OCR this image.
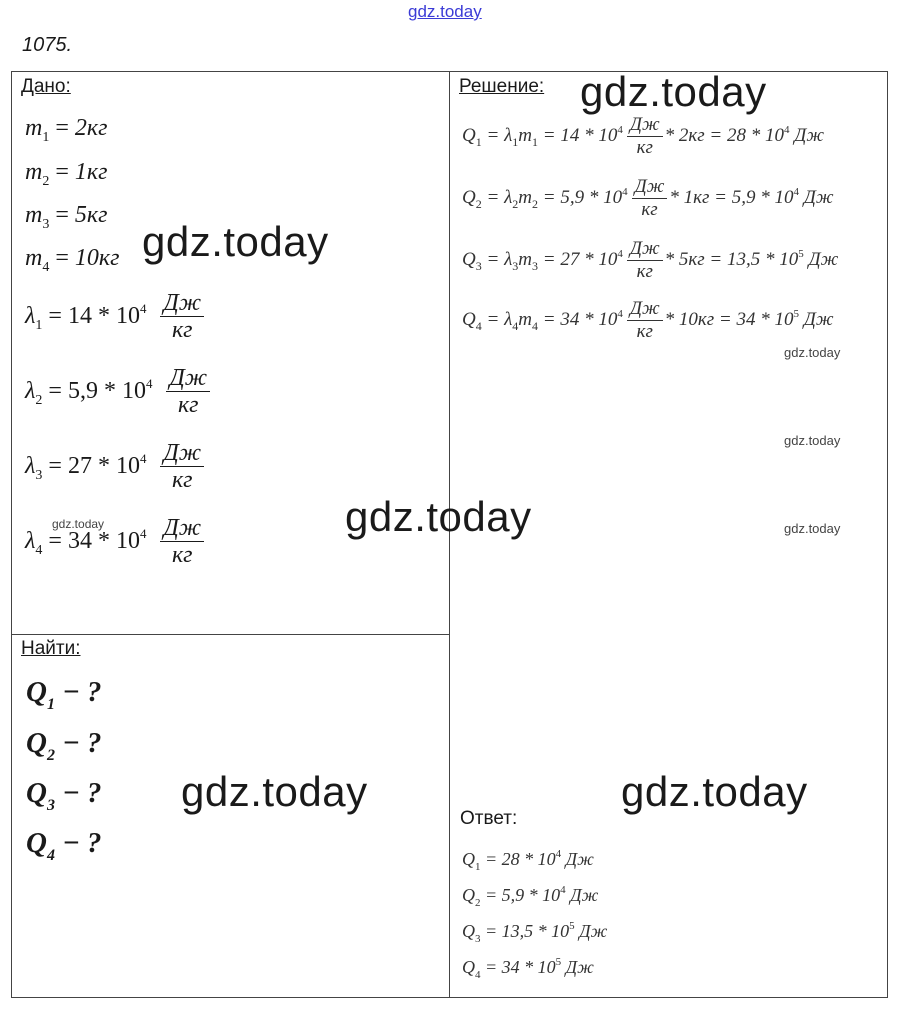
gdz.today
1075.
Дано:
$m_1 = 2кг$
$m_2 = 1кг$
$m_3 = 5кг$
$m_4 = 10кг$
$\lambda_1 = 14 * 10^4 \frac{Дж}{кг}$
$\lambda_2 = 5,9 * 10^4 \frac{Дж}{кг}$
$\lambda_3 = 27 * 10^4 \frac{Дж}{кг}$
$\lambda_4 = 34 * 10^4 \frac{Дж}{кг}$
Найти:
$Q_1$ − ?
$Q_2$ − ?
$Q_3$ − ?
$Q_4$ − ?
Решение:
$Q_1 = \lambda_1m_1 = 14 * 10^4 \frac{Дж}{кг} * 2кг = 28 * 10^4$ Дж
$Q_2 = \lambda_2m_2 = 5,9 * 10^4 \frac{Дж}{кг} * 1кг = 5,9 * 10^4$ Дж
$Q_3 = \lambda_3m_3 = 27 * 10^4 \frac{Дж}{кг} * 5кг = 13,5 * 10^5$ Дж
$Q_4 = \lambda_4m_4 = 34 * 10^4 \frac{Дж}{кг} * 10кг = 34 * 10^5$ Дж
Ответ:
$Q_1 = 28 * 10^4$ Дж
$Q_2 = 5,9 * 10^4$ Дж
$Q_3 = 13,5 * 10^5$ Дж
$Q_4 = 34 * 10^5$ Дж
gdz.today
gdz.today
gdz.today
gdz.today	gdz.today
gdz.today
gdz.today
gdz.today
gdz.today
